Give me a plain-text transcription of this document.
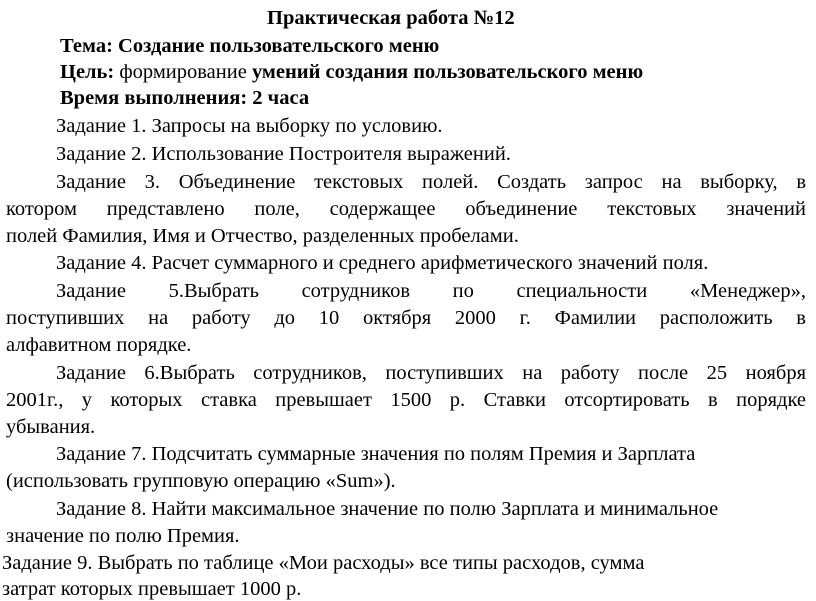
Практическая работа №12
Тема: Создание пользовательского меню
Цель: формирование умений создания пользовательского меню
Время выполнения: 2 часа
Задание 1. Запросы на выборку по условию.
Задание 2. Использование Построителя выражений.
Задание 3. Объединение текстовых полей. Создать запрос на выборку, в
котором представлено поле, содержащее объединение текстовых значений
полей Фамилия, Имя и Отчество, разделенных пробелами.
Задание 4. Расчет суммарного и среднего арифметического значений поля.
Задание 5.Выбрать сотрудников по специальности «Менеджер»,
поступивших на работу до 10 октября 2000 г. Фамилии расположить в
алфавитном порядке.
Задание 6.Выбрать сотрудников, поступивших на работу после 25 ноября
2001г., у которых ставка превышает 1500 р. Ставки отсортировать в порядке
убывания.
Задание 7. Подсчитать суммарные значения по полям Премия и Зарплата
(использовать групповую операцию «Sum»).
Задание 8. Найти максимальное значение по полю Зарплата и минимальное
значение по полю Премия.
Задание 9. Выбрать по таблице «Мои расходы» все типы расходов, сумма
затрат которых превышает 1000 р.
